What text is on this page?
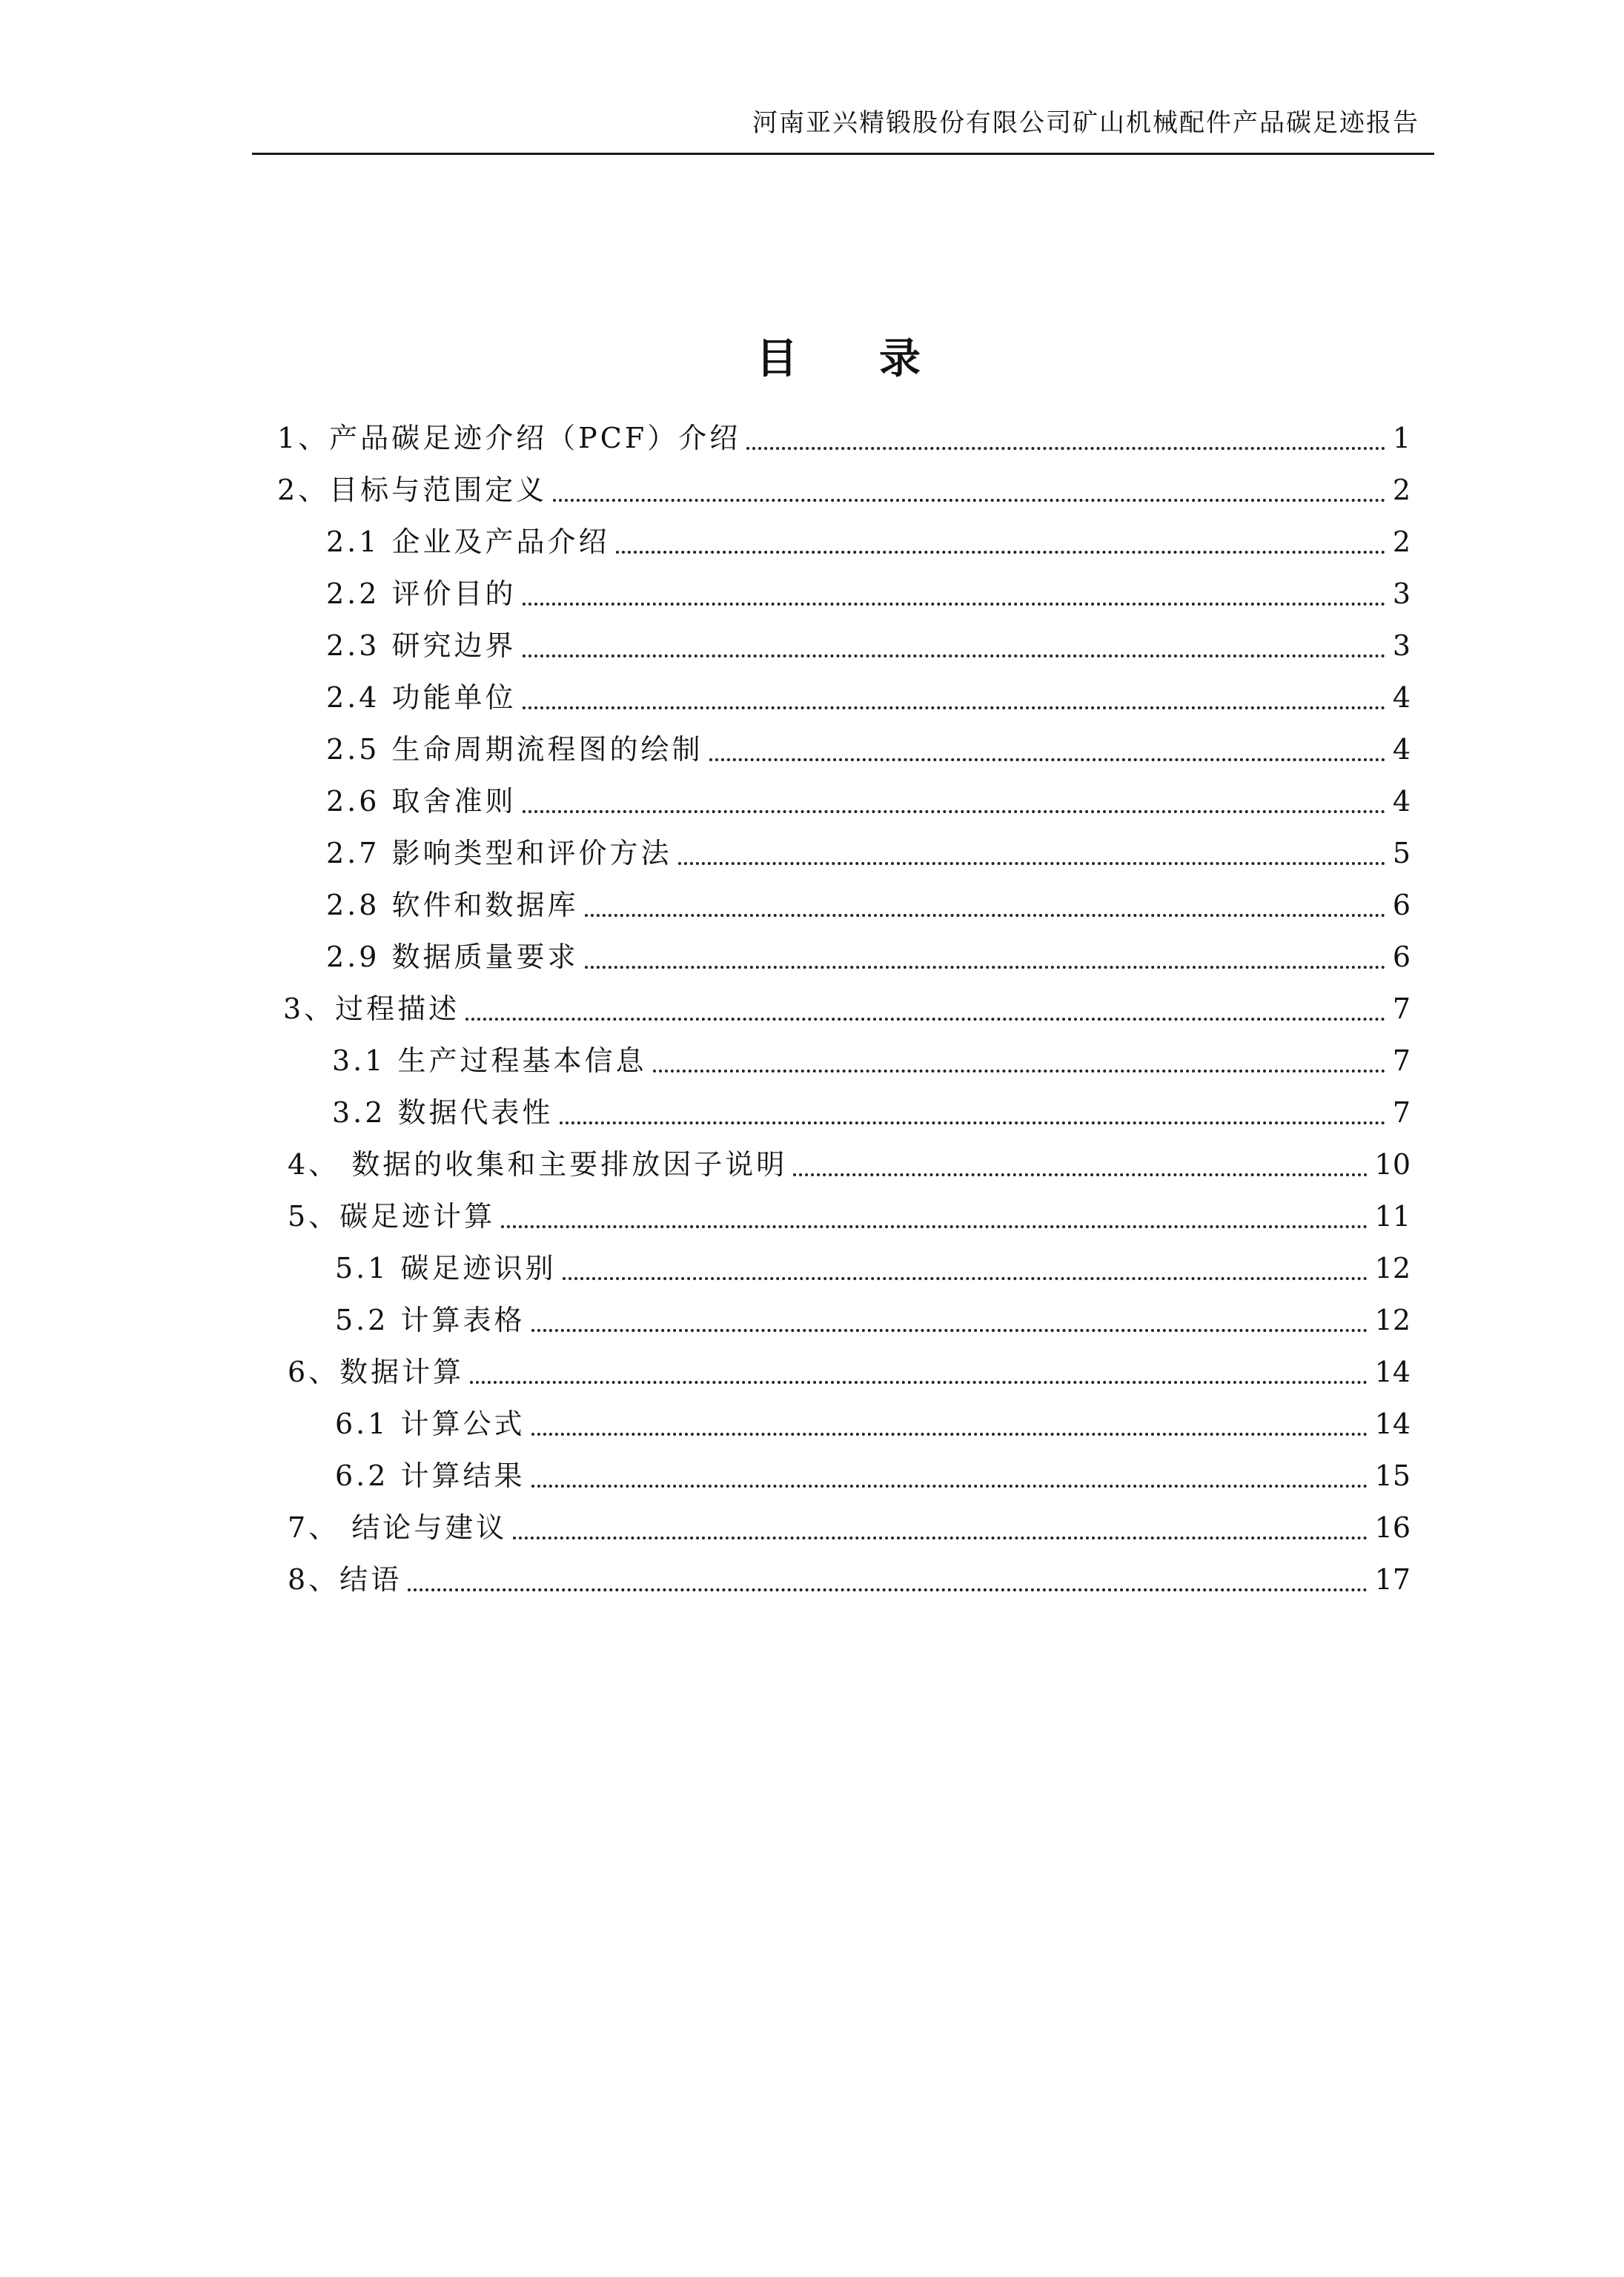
河南亚兴精锻股份有限公司矿山机械配件产品碳足迹报告
目录
1、产品碳足迹介绍（PCF）介绍	1
2、目标与范围定义	2
2.1 企业及产品介绍	2
2.2 评价目的	3
2.3 研究边界	3
2.4 功能单位	4
2.5 生命周期流程图的绘制	4
2.6 取舍准则	4
2.7 影响类型和评价方法	5
2.8 软件和数据库	6
2.9 数据质量要求	6
3、过程描述	7
3.1 生产过程基本信息	7
3.2 数据代表性	7
4、 数据的收集和主要排放因子说明	10
5、碳足迹计算	11
5.1 碳足迹识别	12
5.2 计算表格	12
6、数据计算	14
6.1 计算公式	14
6.2 计算结果	15
7、 结论与建议	16
8、结语	17
